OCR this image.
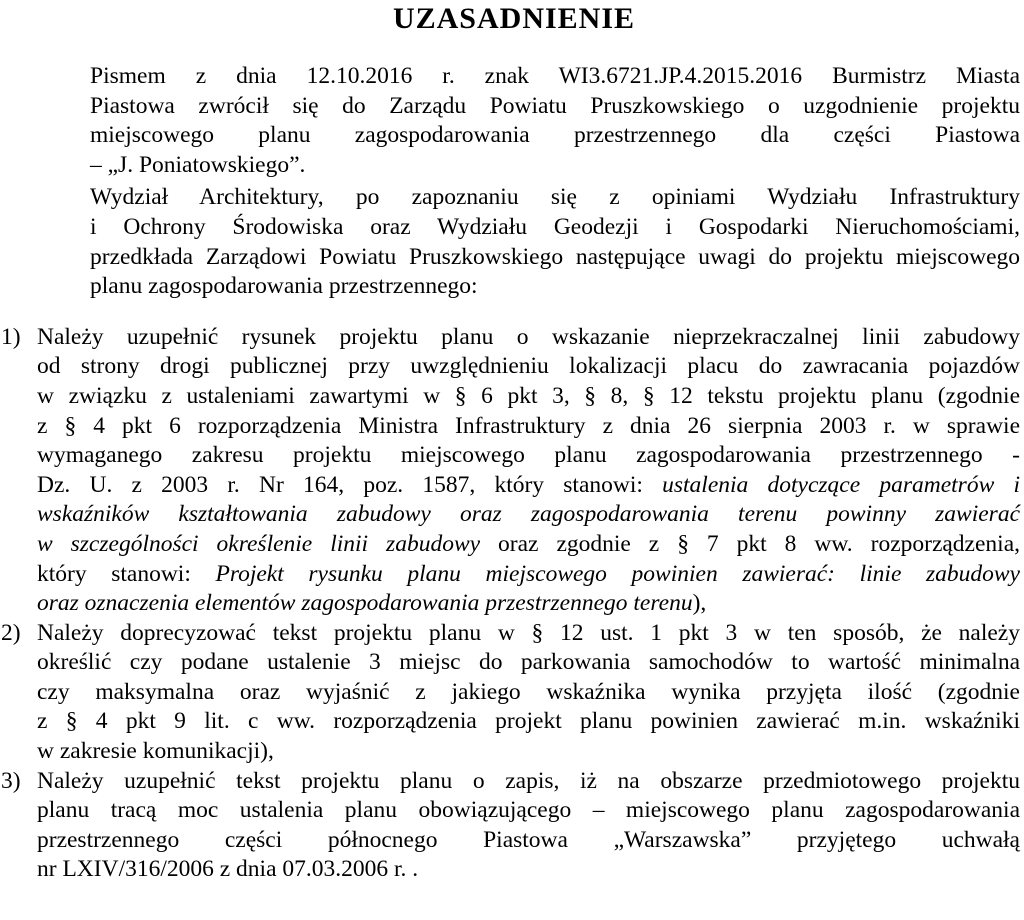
UZASADNIENIE

Pismem z dnia 12.10.2016 r. znak WI3.6721.JP.4.2015.2016 Burmistrz Miasta
Piastowa zwrócił się do Zarządu Powiatu Pruszkowskiego o uzgodnienie projektu
miejscowego planu zagospodarowania przestrzennego dla części Piastowa
– „J. Poniatowskiego”.

Wydział Architektury, po zapoznaniu się z opiniami Wydziału Infrastruktury
i Ochrony Środowiska oraz Wydziału Geodezji i Gospodarki Nieruchomościami,
przedkłada Zarządowi Powiatu Pruszkowskiego następujące uwagi do projektu miejscowego
planu zagospodarowania przestrzennego:

1) Należy uzupełnić rysunek projektu planu o wskazanie nieprzekraczalnej linii zabudowy
od strony drogi publicznej przy uwzględnieniu lokalizacji placu do zawracania pojazdów
w związku z ustaleniami zawartymi w § 6 pkt 3, § 8, § 12 tekstu projektu planu (zgodnie
z § 4 pkt 6 rozporządzenia Ministra Infrastruktury z dnia 26 sierpnia 2003 r. w sprawie
wymaganego zakresu projektu miejscowego planu zagospodarowania przestrzennego -
Dz. U. z 2003 r. Nr 164, poz. 1587, który stanowi: ustalenia dotyczące parametrów i
wskaźników kształtowania zabudowy oraz zagospodarowania terenu powinny zawierać
w szczególności określenie linii zabudowy oraz zgodnie z § 7 pkt 8 ww. rozporządzenia,
który stanowi: Projekt rysunku planu miejscowego powinien zawierać: linie zabudowy
oraz oznaczenia elementów zagospodarowania przestrzennego terenu),
2) Należy doprecyzować tekst projektu planu w § 12 ust. 1 pkt 3 w ten sposób, że należy
określić czy podane ustalenie 3 miejsc do parkowania samochodów to wartość minimalna
czy maksymalna oraz wyjaśnić z jakiego wskaźnika wynika przyjęta ilość (zgodnie
z § 4 pkt 9 lit. c ww. rozporządzenia projekt planu powinien zawierać m.in. wskaźniki
w zakresie komunikacji),
3) Należy uzupełnić tekst projektu planu o zapis, iż na obszarze przedmiotowego projektu
planu tracą moc ustalenia planu obowiązującego – miejscowego planu zagospodarowania
przestrzennego części północnego Piastowa „Warszawska” przyjętego uchwałą
nr LXIV/316/2006 z dnia 07.03.2006 r. .
